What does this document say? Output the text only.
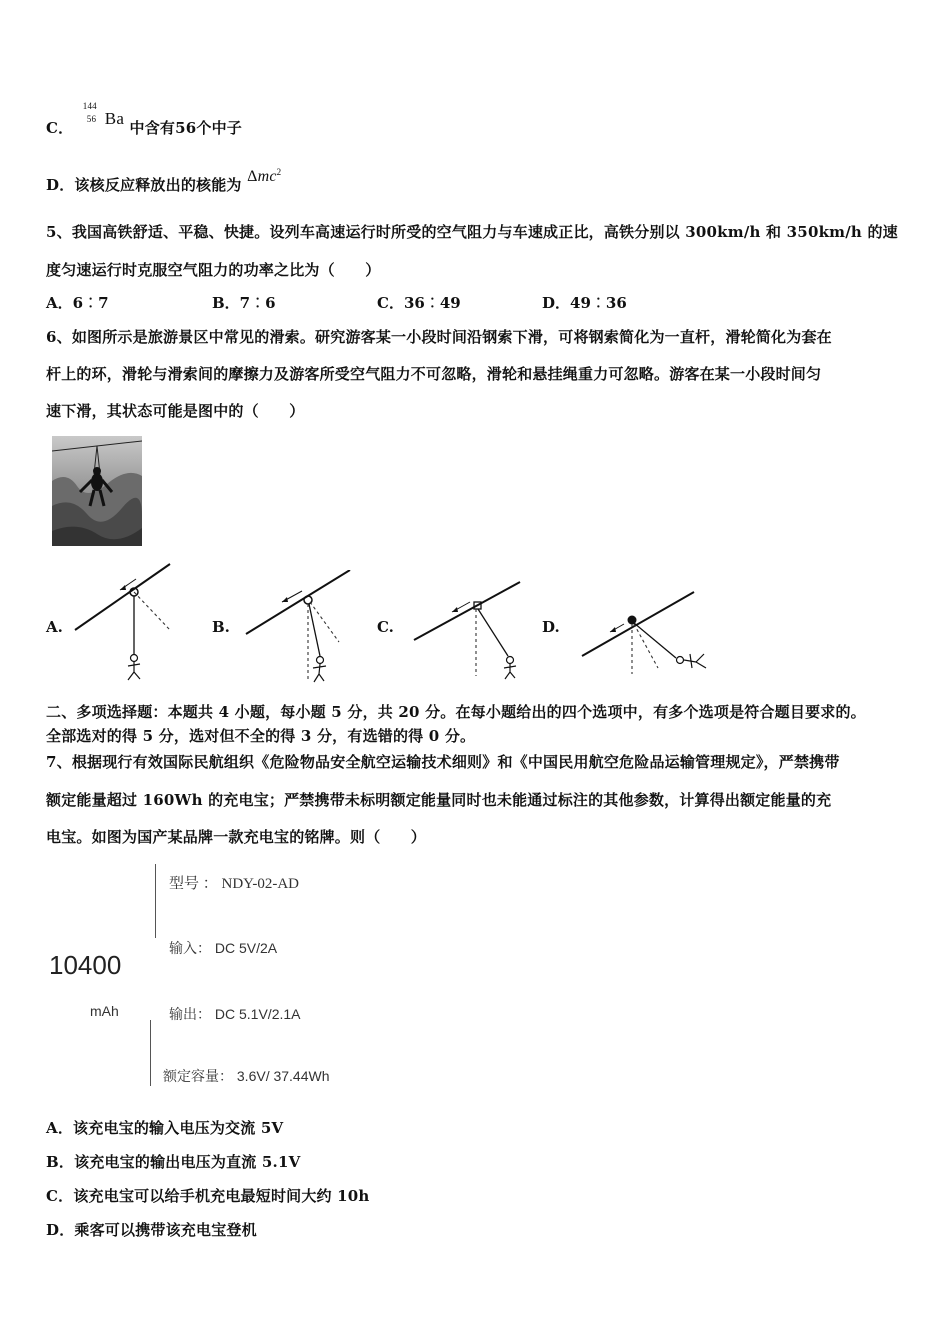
C．
144
56 Ba 中含有56个中子
D．该核反应释放出的核能为 Δmc$^2$
5、我国高铁舒适、平稳、快捷。设列车高速运行时所受的空气阻力与车速成正比，高铁分别以 300km/h 和 350km/h 的速
度匀速运行时克服空气阻力的功率之比为（　　）
A．6︰7	B．7︰6	C．36︰49	D．49︰36
6、如图所示是旅游景区中常见的滑索。研究游客某一小段时间沿钢索下滑，可将钢索简化为一直杆，滑轮简化为套在
杆上的环，滑轮与滑索间的摩擦力及游客所受空气阻力不可忽略，滑轮和悬挂绳重力可忽略。游客在某一小段时间匀
速下滑，其状态可能是图中的（　　）
A.	B.	C.	D.
二、多项选择题：本题共 4 小题，每小题 5 分，共 20 分。在每小题给出的四个选项中，有多个选项是符合题目要求的。
全部选对的得 5 分，选对但不全的得 3 分，有选错的得 0 分。
7、根据现行有效国际民航组织《危险物品安全航空运输技术细则》和《中国民用航空危险品运输管理规定》，严禁携带
额定能量超过 160Wh 的充电宝；严禁携带未标明额定能量同时也未能通过标注的其他参数，计算得出额定能量的充
电宝。如图为国产某品牌一款充电宝的铭牌。则（　　）
10400
mAh
型号 ： NDY-02-AD
输入： DC 5V/2A
输出： DC 5.1V/2.1A
额定容量： 3.6V/ 37.44Wh
A．该充电宝的输入电压为交流 5V
B．该充电宝的输出电压为直流 5.1V
C．该充电宝可以给手机充电最短时间大约 10h
D．乘客可以携带该充电宝登机
